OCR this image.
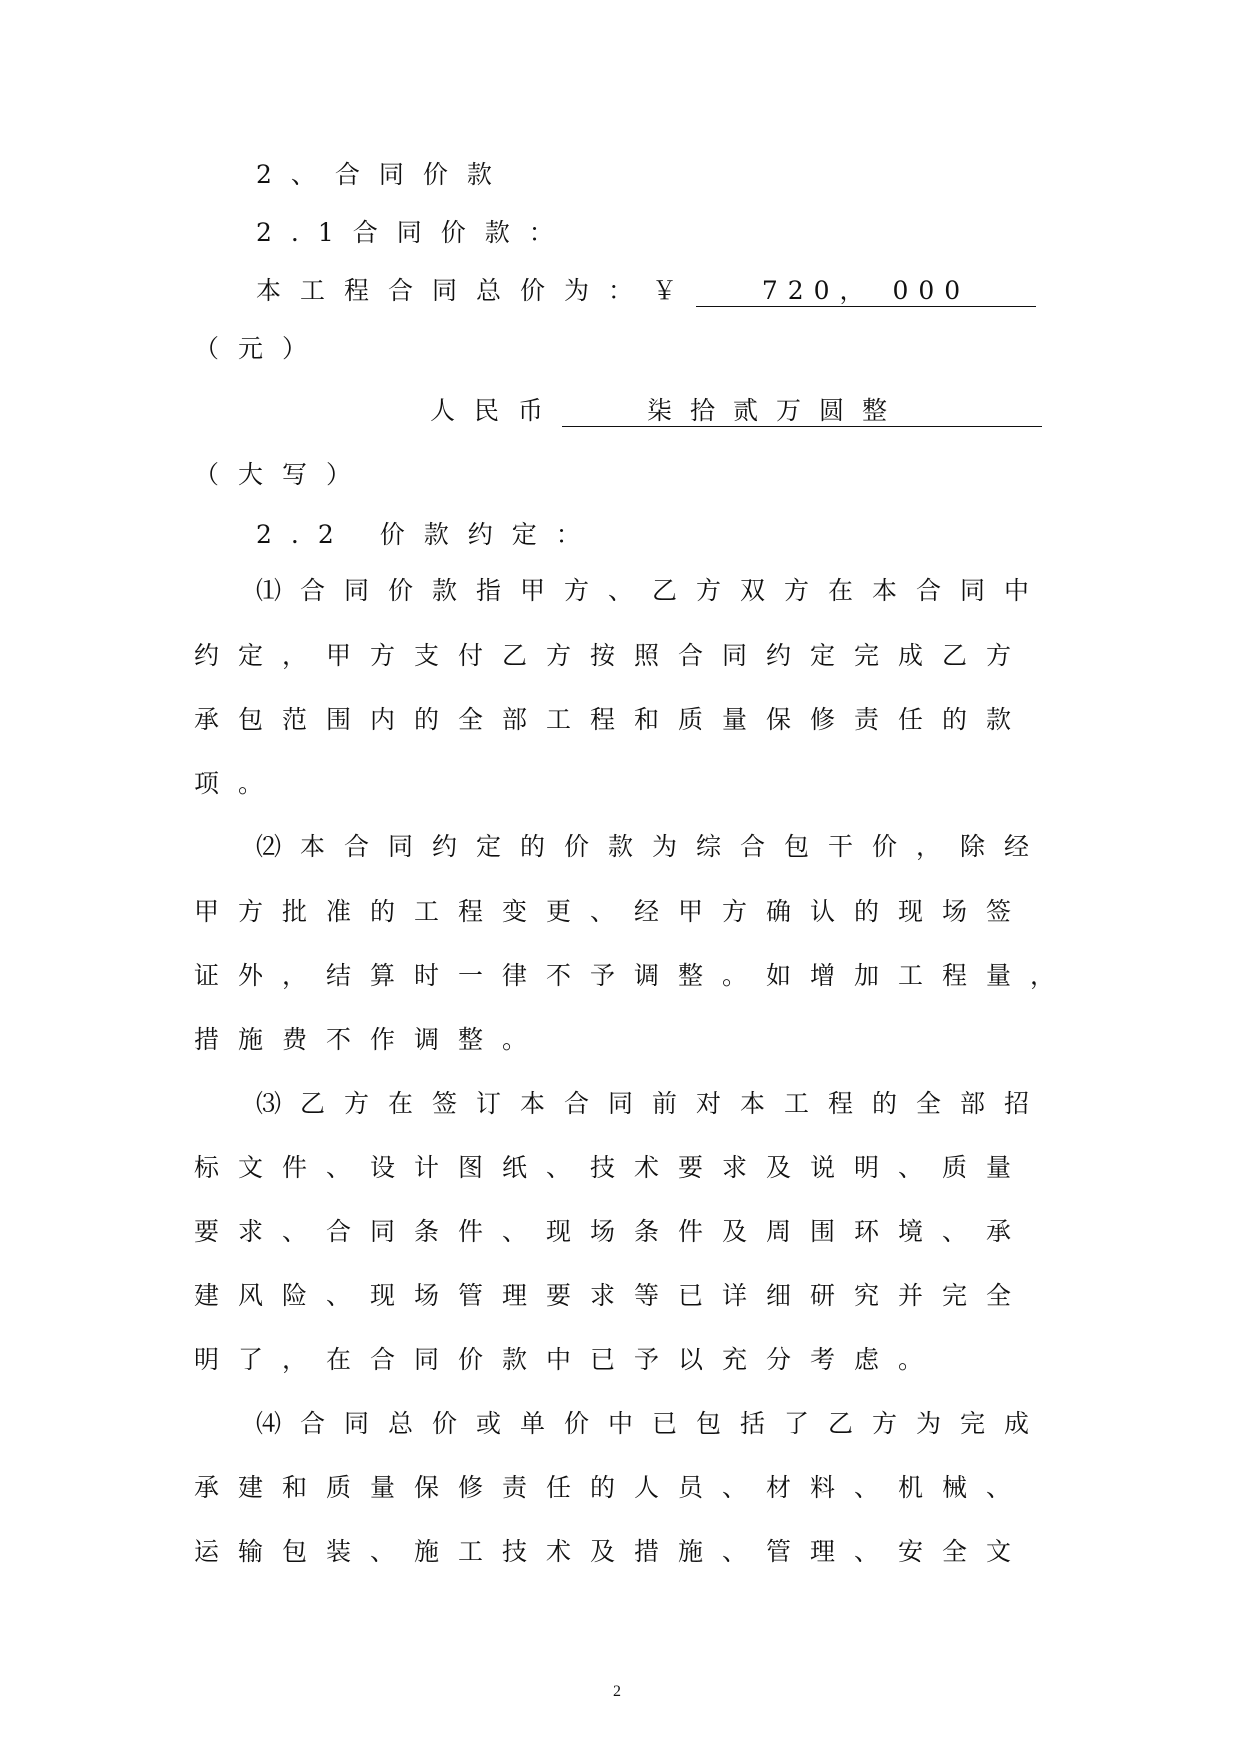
2、合同价款
2.1合同价款：
本工程合同总价为：￥	720， 000
（元）
人民币	柒拾贰万圆整
（大写）
2.2 价款约定：
⑴合同价款指甲方、乙方双方在本合同中
约定，甲方支付乙方按照合同约定完成乙方
承包范围内的全部工程和质量保修责任的款
项。
⑵本合同约定的价款为综合包干价，除经
甲方批准的工程变更、经甲方确认的现场签
证外，结算时一律不予调整。如增加工程量，
措施费不作调整。
⑶乙方在签订本合同前对本工程的全部招
标文件、设计图纸、技术要求及说明、质量
要求、合同条件、现场条件及周围环境、承
建风险、现场管理要求等已详细研究并完全
明了，在合同价款中已予以充分考虑。
⑷合同总价或单价中已包括了乙方为完成
承建和质量保修责任的人员、材料、机械、
运输包装、施工技术及措施、管理、安全文
2
